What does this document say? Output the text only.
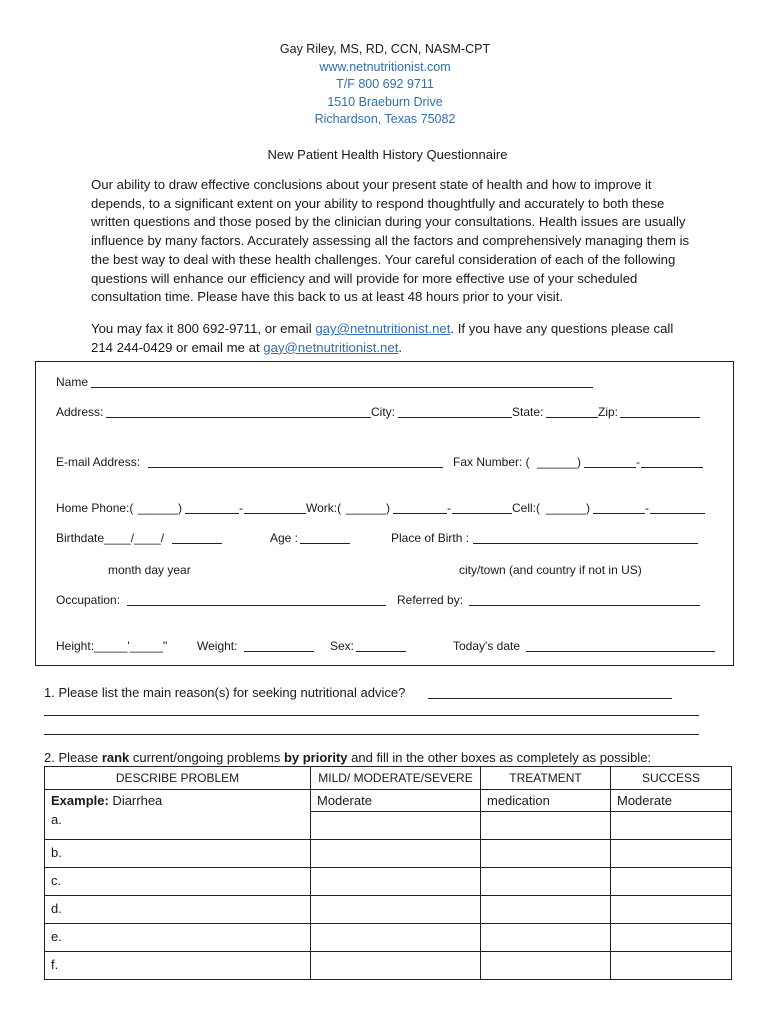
Gay Riley, MS, RD, CCN, NASM-CPT
www.netnutritionist.com
T/F 800 692 9711
1510 Braeburn Drive
Richardson, Texas 75082
New Patient Health History Questionnaire
Our ability to draw effective conclusions about your present state of health and how to improve it depends, to a significant extent on your ability to respond thoughtfully and accurately to both these written questions and those posed by the clinician during your consultations. Health issues are usually influence by many factors. Accurately assessing all the factors and comprehensively managing them is the best way to deal with these health challenges. Your careful consideration of each of the following questions will enhance our efficiency and will provide for more effective use of your scheduled consultation time. Please have this back to us at least 48 hours prior to your visit.
You may fax it 800 692-9711, or email gay@netnutritionist.net. If you have any questions please call 214 244-0429 or email me at gay@netnutritionist.net.
Name
Address:	City:	State:	Zip:
E-mail Address:	Fax Number: ( ______)	-
Home Phone:( ______)	-	Work:( ______)	-	Cell:( ______)	-
Birthdate____/____/	Age :	Place of Birth :
month day year	city/town (and country if not in US)
Occupation:	Referred by:
Height:_____'_____" Weight:	Sex:	Today's date
1. Please list the main reason(s) for seeking nutritional advice?
2. Please rank current/ongoing problems by priority and fill in the other boxes as completely as possible:
DESCRIBE PROBLEM	MILD/ MODERATE/SEVERE	TREATMENT	SUCCESS
Example: Diarrhea	Moderate	medication	Moderate
a.			
b.			
c.			
d.			
e.			
f.			
